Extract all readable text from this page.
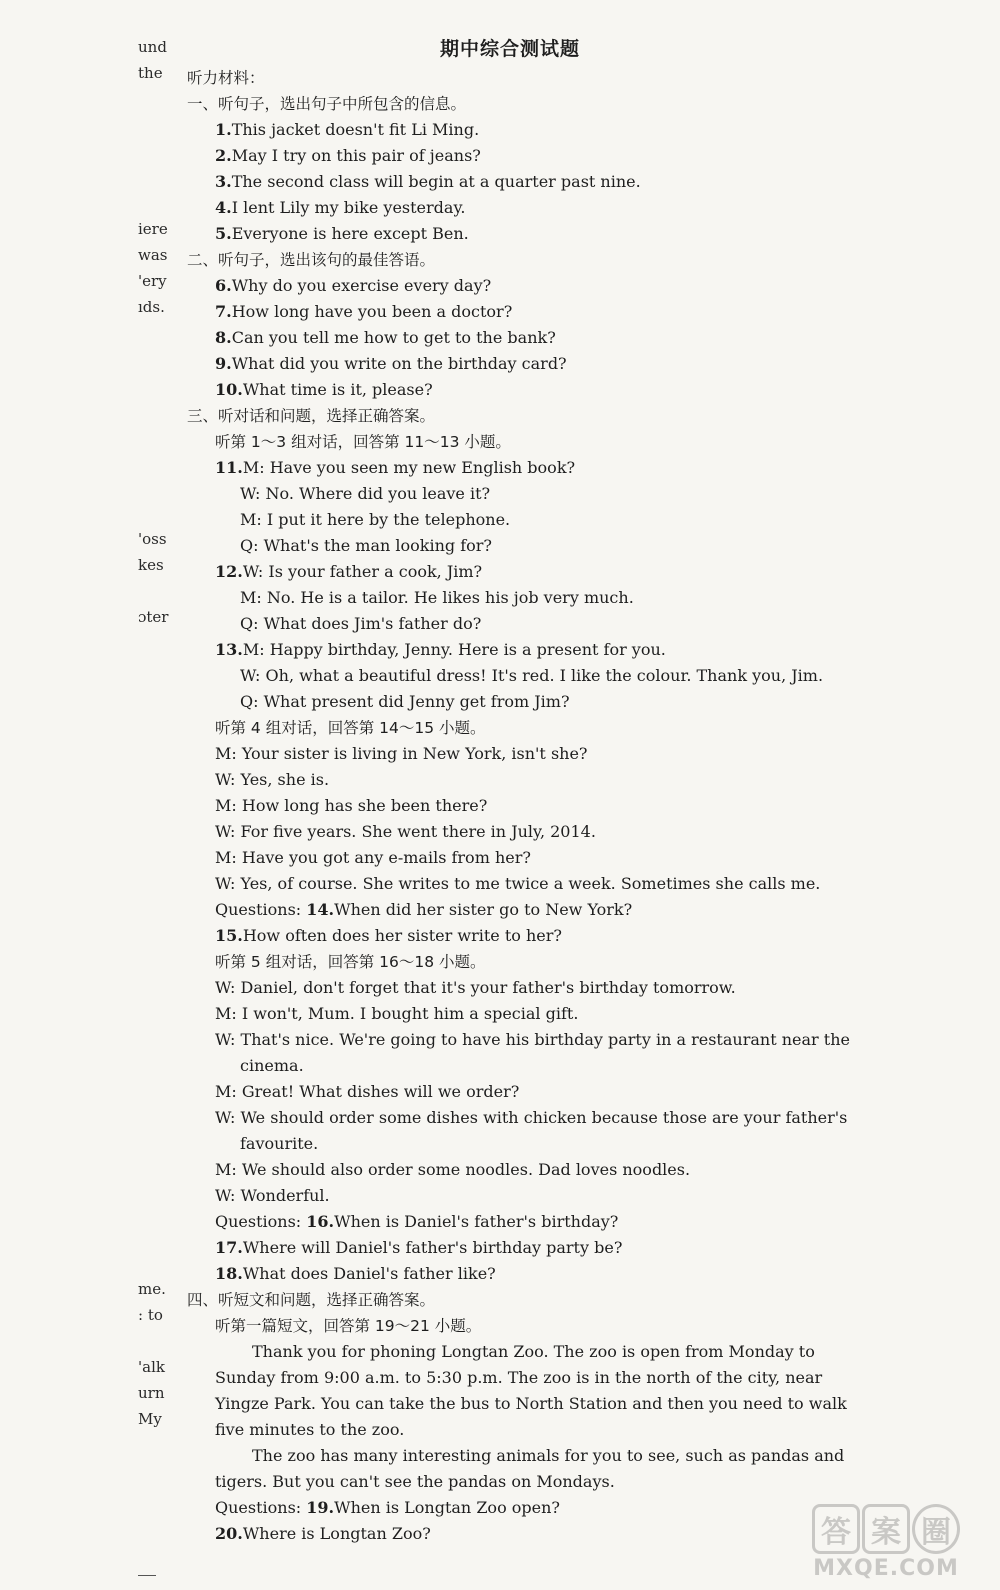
期中综合测试题
und
the
iere
was
'ery
ıds.
'oss
kes
ɔter
me.
: to
'alk
urn
My
听力材料：
一、听句子，选出句子中所包含的信息。
1.This jacket doesn't fit Li Ming.
2.May I try on this pair of jeans?
3.The second class will begin at a quarter past nine.
4.I lent Lily my bike yesterday.
5.Everyone is here except Ben.
二、听句子，选出该句的最佳答语。
6.Why do you exercise every day?
7.How long have you been a doctor?
8.Can you tell me how to get to the bank?
9.What did you write on the birthday card?
10.What time is it, please?
三、听对话和问题，选择正确答案。
听第 1～3 组对话，回答第 11～13 小题。
11.M: Have you seen my new English book?
W: No. Where did you leave it?
M: I put it here by the telephone.
Q: What's the man looking for?
12.W: Is your father a cook, Jim?
M: No. He is a tailor. He likes his job very much.
Q: What does Jim's father do?
13.M: Happy birthday, Jenny. Here is a present for you.
W: Oh, what a beautiful dress! It's red. I like the colour. Thank you, Jim.
Q: What present did Jenny get from Jim?
听第 4 组对话，回答第 14～15 小题。
M: Your sister is living in New York, isn't she?
W: Yes, she is.
M: How long has she been there?
W: For five years. She went there in July, 2014.
M: Have you got any e-mails from her?
W: Yes, of course. She writes to me twice a week. Sometimes she calls me.
Questions: 14.When did her sister go to New York?
15.How often does her sister write to her?
听第 5 组对话，回答第 16～18 小题。
W: Daniel, don't forget that it's your father's birthday tomorrow.
M: I won't, Mum. I bought him a special gift.
W: That's nice. We're going to have his birthday party in a restaurant near the
cinema.
M: Great! What dishes will we order?
W: We should order some dishes with chicken because those are your father's
favourite.
M: We should also order some noodles. Dad loves noodles.
W: Wonderful.
Questions: 16.When is Daniel's father's birthday?
17.Where will Daniel's father's birthday party be?
18.What does Daniel's father like?
四、听短文和问题，选择正确答案。
听第一篇短文，回答第 19～21 小题。
Thank you for phoning Longtan Zoo. The zoo is open from Monday to
Sunday from 9:00 a.m. to 5:30 p.m. The zoo is in the north of the city, near
Yingze Park. You can take the bus to North Station and then you need to walk
five minutes to the zoo.
The zoo has many interesting animals for you to see, such as pandas and
tigers. But you can't see the pandas on Mondays.
Questions: 19.When is Longtan Zoo open?
20.Where is Longtan Zoo?	答 案 圈
MXQE.COM
